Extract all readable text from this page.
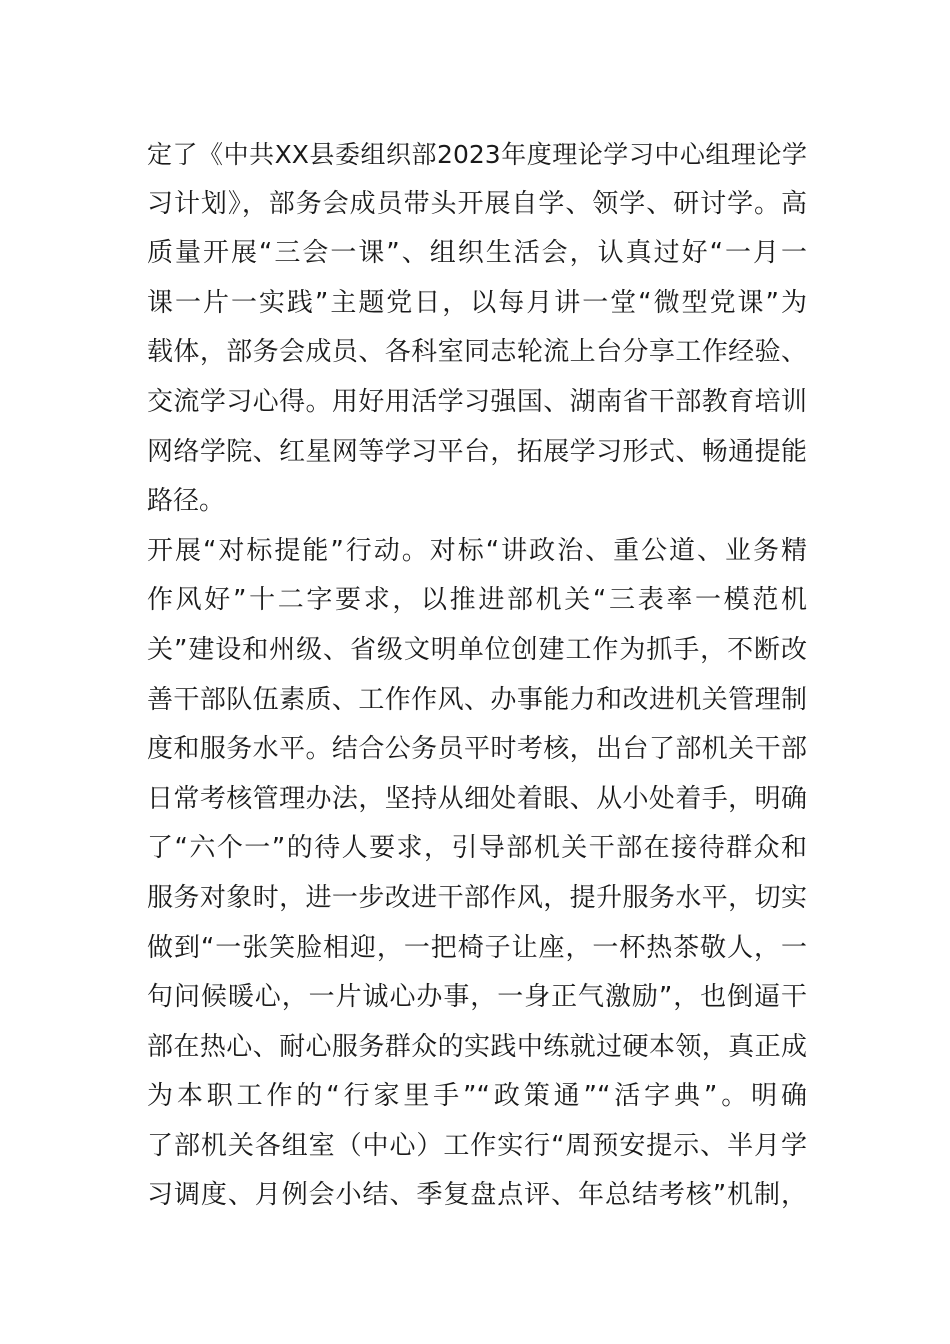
定了《中共XX县委组织部2023年度理论学习中心组理论学
习计划》，部务会成员带头开展自学、领学、研讨学。高
质量开展“三会一课”、组织生活会，认真过好“一月一
课一片一实践”主题党日，以每月讲一堂“微型党课”为
载体，部务会成员、各科室同志轮流上台分享工作经验、
交流学习心得。用好用活学习强国、湖南省干部教育培训
网络学院、红星网等学习平台，拓展学习形式、畅通提能
路径。
开展“对标提能”行动。对标“讲政治、重公道、业务精
作风好”十二字要求，以推进部机关“三表率一模范机
关”建设和州级、省级文明单位创建工作为抓手，不断改
善干部队伍素质、工作作风、办事能力和改进机关管理制
度和服务水平。结合公务员平时考核，出台了部机关干部
日常考核管理办法，坚持从细处着眼、从小处着手，明确
了“六个一”的待人要求，引导部机关干部在接待群众和
服务对象时，进一步改进干部作风，提升服务水平，切实
做到“一张笑脸相迎，一把椅子让座，一杯热茶敬人，一
句问候暖心，一片诚心办事，一身正气激励”，也倒逼干
部在热心、耐心服务群众的实践中练就过硬本领，真正成
为本职工作的“行家里手”“政策通”“活字典”。明确
了部机关各组室（中心）工作实行“周预安提示、半月学
习调度、月例会小结、季复盘点评、年总结考核”机制，
